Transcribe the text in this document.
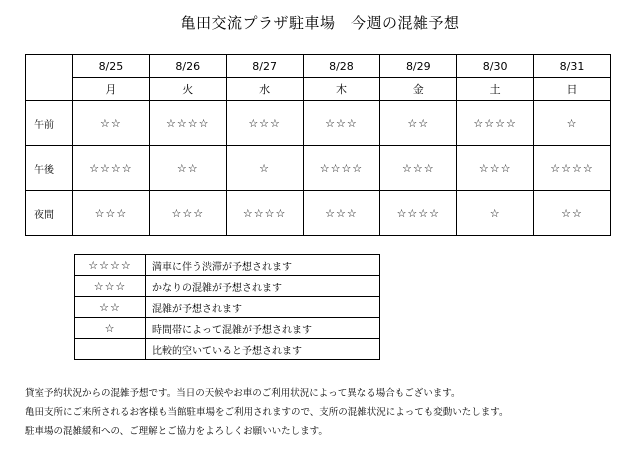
亀田交流プラザ駐車場　今週の混雑予想
	8/25	8/26	8/27	8/28	8/29	8/30	8/31
	月	火	水	木	金	土	日
午前	☆☆	☆☆☆☆	☆☆☆	☆☆☆	☆☆	☆☆☆☆	☆
午後	☆☆☆☆	☆☆	☆	☆☆☆☆	☆☆☆	☆☆☆	☆☆☆☆
夜間	☆☆☆	☆☆☆	☆☆☆☆	☆☆☆	☆☆☆☆	☆	☆☆
☆☆☆☆	満車に伴う渋滞が予想されます
☆☆☆	かなりの混雑が予想されます
☆☆	混雑が予想されます
☆	時間帯によって混雑が予想されます
	比較的空いていると予想されます
貸室予約状況からの混雑予想です。当日の天候やお車のご利用状況によって異なる場合もございます。
亀田支所にご来所されるお客様も当館駐車場をご利用されますので、支所の混雑状況によっても変動いたします。
駐車場の混雑緩和への、ご理解とご協力をよろしくお願いいたします。
